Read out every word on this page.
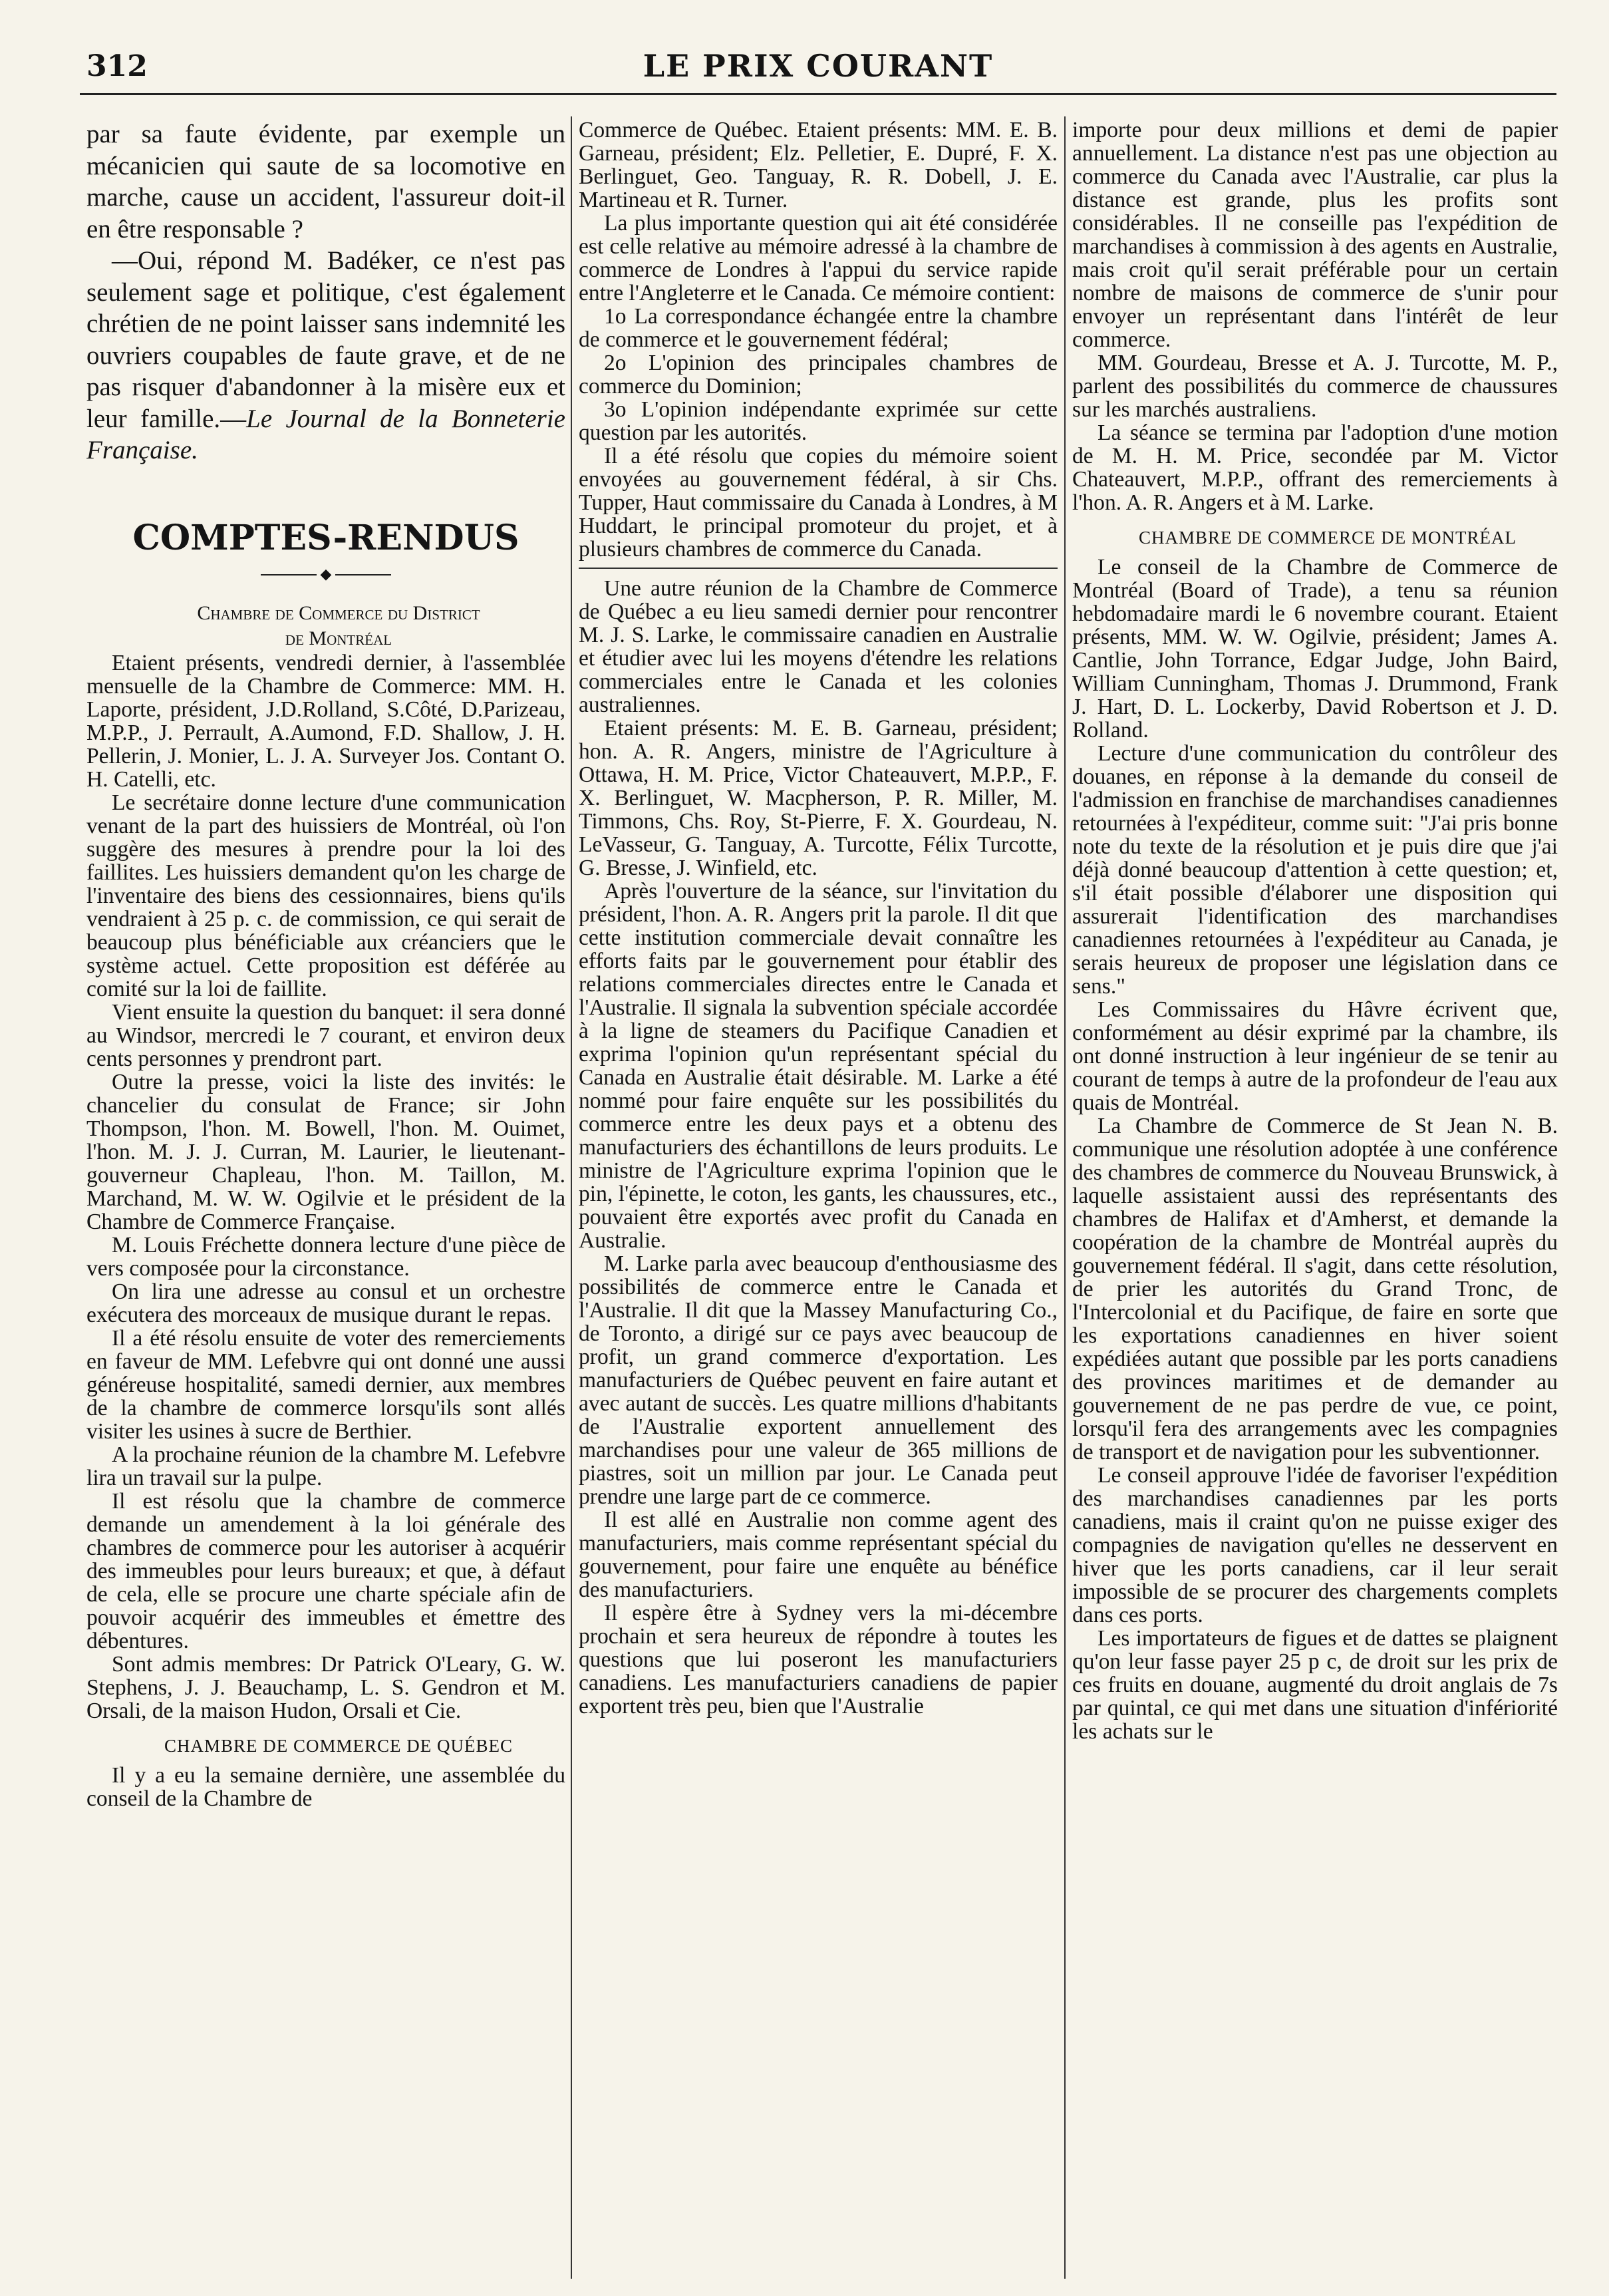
312	LE PRIX COURANT

par sa faute évidente, par exemple un mécanicien qui saute de sa locomotive en marche, cause un accident, l'assureur doit-il en être responsable ?

—Oui, répond M. Badéker, ce n'est pas seulement sage et politique, c'est également chrétien de ne point laisser sans indemnité les ouvriers coupables de faute grave, et de ne pas risquer d'abandonner à la misère eux et leur famille.—Le Journal de la Bonneterie Française.

COMPTES-RENDUS
◆

Chambre de Commerce du District

de Montréal

Etaient présents, vendredi dernier, à l'assemblée mensuelle de la Chambre de Commerce: MM. H. Laporte, président, J.D.Rolland, S.Côté, D.Parizeau, M.P.P., J. Perrault, A.Aumond, F.D. Shallow, J. H. Pellerin, J. Monier, L. J. A. Surveyer Jos. Contant O. H. Catelli, etc.

Le secrétaire donne lecture d'une communication venant de la part des huissiers de Montréal, où l'on suggère des mesures à prendre pour la loi des faillites. Les huissiers demandent qu'on les charge de l'inventaire des biens des cessionnaires, biens qu'ils vendraient à 25 p. c. de commission, ce qui serait de beaucoup plus bénéficiable aux créanciers que le système actuel. Cette proposition est déférée au comité sur la loi de faillite.

Vient ensuite la question du banquet: il sera donné au Windsor, mercredi le 7 courant, et environ deux cents personnes y prendront part.

Outre la presse, voici la liste des invités: le chancelier du consulat de France; sir John Thompson, l'hon. M. Bowell, l'hon. M. Ouimet, l'hon. M. J. J. Curran, M. Laurier, le lieutenant-gouverneur Chapleau, l'hon. M. Taillon, M. Marchand, M. W. W. Ogilvie et le président de la Chambre de Commerce Française.

M. Louis Fréchette donnera lecture d'une pièce de vers composée pour la circonstance.

On lira une adresse au consul et un orchestre exécutera des morceaux de musique durant le repas.

Il a été résolu ensuite de voter des remerciements en faveur de MM. Lefebvre qui ont donné une aussi généreuse hospitalité, samedi dernier, aux membres de la chambre de commerce lorsqu'ils sont allés visiter les usines à sucre de Berthier.

A la prochaine réunion de la chambre M. Lefebvre lira un travail sur la pulpe.

Il est résolu que la chambre de commerce demande un amendement à la loi générale des chambres de commerce pour les autoriser à acquérir des immeubles pour leurs bureaux; et que, à défaut de cela, elle se procure une charte spéciale afin de pouvoir acquérir des immeubles et émettre des débentures.

Sont admis membres: Dr Patrick O'Leary, G. W. Stephens, J. J. Beauchamp, L. S. Gendron et M. Orsali, de la maison Hudon, Orsali et Cie.

CHAMBRE DE COMMERCE DE QUÉBEC

Il y a eu la semaine dernière, une assemblée du conseil de la Chambre de

Commerce de Québec. Etaient présents: MM. E. B. Garneau, président; Elz. Pelletier, E. Dupré, F. X. Berlinguet, Geo. Tanguay, R. R. Dobell, J. E. Martineau et R. Turner.

La plus importante question qui ait été considérée est celle relative au mémoire adressé à la chambre de commerce de Londres à l'appui du service rapide entre l'Angleterre et le Canada. Ce mémoire contient:

1o La correspondance échangée entre la chambre de commerce et le gouvernement fédéral;

2o L'opinion des principales chambres de commerce du Dominion;

3o L'opinion indépendante exprimée sur cette question par les autorités.

Il a été résolu que copies du mémoire soient envoyées au gouvernement fédéral, à sir Chs. Tupper, Haut commissaire du Canada à Londres, à M Huddart, le principal promoteur du projet, et à plusieurs chambres de commerce du Canada.

Une autre réunion de la Chambre de Commerce de Québec a eu lieu samedi dernier pour rencontrer M. J. S. Larke, le commissaire canadien en Australie et étudier avec lui les moyens d'étendre les relations commerciales entre le Canada et les colonies australiennes.

Etaient présents: M. E. B. Garneau, président; hon. A. R. Angers, ministre de l'Agriculture à Ottawa, H. M. Price, Victor Chateauvert, M.P.P., F. X. Berlinguet, W. Macpherson, P. R. Miller, M. Timmons, Chs. Roy, St-Pierre, F. X. Gourdeau, N. LeVasseur, G. Tanguay, A. Turcotte, Félix Turcotte, G. Bresse, J. Winfield, etc.

Après l'ouverture de la séance, sur l'invitation du président, l'hon. A. R. Angers prit la parole. Il dit que cette institution commerciale devait connaître les efforts faits par le gouvernement pour établir des relations commerciales directes entre le Canada et l'Australie. Il signala la subvention spéciale accordée à la ligne de steamers du Pacifique Canadien et exprima l'opinion qu'un représentant spécial du Canada en Australie était désirable. M. Larke a été nommé pour faire enquête sur les possibilités du commerce entre les deux pays et a obtenu des manufacturiers des échantillons de leurs produits. Le ministre de l'Agriculture exprima l'opinion que le pin, l'épinette, le coton, les gants, les chaussures, etc., pouvaient être exportés avec profit du Canada en Australie.

M. Larke parla avec beaucoup d'enthousiasme des possibilités de commerce entre le Canada et l'Australie. Il dit que la Massey Manufacturing Co., de Toronto, a dirigé sur ce pays avec beaucoup de profit, un grand commerce d'exportation. Les manufacturiers de Québec peuvent en faire autant et avec autant de succès. Les quatre millions d'habitants de l'Australie exportent annuellement des marchandises pour une valeur de 365 millions de piastres, soit un million par jour. Le Canada peut prendre une large part de ce commerce.

Il est allé en Australie non comme agent des manufacturiers, mais comme représentant spécial du gouvernement, pour faire une enquête au bénéfice des manufacturiers.

Il espère être à Sydney vers la mi-décembre prochain et sera heureux de répondre à toutes les questions que lui poseront les manufacturiers canadiens. Les manufacturiers canadiens de papier exportent très peu, bien que l'Australie

importe pour deux millions et demi de papier annuellement. La distance n'est pas une objection au commerce du Canada avec l'Australie, car plus la distance est grande, plus les profits sont considérables. Il ne conseille pas l'expédition de marchandises à commission à des agents en Australie, mais croit qu'il serait préférable pour un certain nombre de maisons de commerce de s'unir pour envoyer un représentant dans l'intérêt de leur commerce.

MM. Gourdeau, Bresse et A. J. Turcotte, M. P., parlent des possibilités du commerce de chaussures sur les marchés australiens.

La séance se termina par l'adoption d'une motion de M. H. M. Price, secondée par M. Victor Chateauvert, M.P.P., offrant des remerciements à l'hon. A. R. Angers et à M. Larke.

CHAMBRE DE COMMERCE DE MONTRÉAL

Le conseil de la Chambre de Commerce de Montréal (Board of Trade), a tenu sa réunion hebdomadaire mardi le 6 novembre courant. Etaient présents, MM. W. W. Ogilvie, président; James A. Cantlie, John Torrance, Edgar Judge, John Baird, William Cunningham, Thomas J. Drummond, Frank J. Hart, D. L. Lockerby, David Robertson et J. D. Rolland.

Lecture d'une communication du contrôleur des douanes, en réponse à la demande du conseil de l'admission en franchise de marchandises canadiennes retournées à l'expéditeur, comme suit: "J'ai pris bonne note du texte de la résolution et je puis dire que j'ai déjà donné beaucoup d'attention à cette question; et, s'il était possible d'élaborer une disposition qui assurerait l'identification des marchandises canadiennes retournées à l'expéditeur au Canada, je serais heureux de proposer une législation dans ce sens."

Les Commissaires du Hâvre écrivent que, conformément au désir exprimé par la chambre, ils ont donné instruction à leur ingénieur de se tenir au courant de temps à autre de la profondeur de l'eau aux quais de Montréal.

La Chambre de Commerce de St Jean N. B. communique une résolution adoptée à une conférence des chambres de commerce du Nouveau Brunswick, à laquelle assistaient aussi des représentants des chambres de Halifax et d'Amherst, et demande la coopération de la chambre de Montréal auprès du gouvernement fédéral. Il s'agit, dans cette résolution, de prier les autorités du Grand Tronc, de l'Intercolonial et du Pacifique, de faire en sorte que les exportations canadiennes en hiver soient expédiées autant que possible par les ports canadiens des provinces maritimes et de demander au gouvernement de ne pas perdre de vue, ce point, lorsqu'il fera des arrangements avec les compagnies de transport et de navigation pour les subventionner.

Le conseil approuve l'idée de favoriser l'expédition des marchandises canadiennes par les ports canadiens, mais il craint qu'on ne puisse exiger des compagnies de navigation qu'elles ne desservent en hiver que les ports canadiens, car il leur serait impossible de se procurer des chargements complets dans ces ports.

Les importateurs de figues et de dattes se plaignent qu'on leur fasse payer 25 p c, de droit sur les prix de ces fruits en douane, augmenté du droit anglais de 7s par quintal, ce qui met dans une situation d'infériorité les achats sur le
